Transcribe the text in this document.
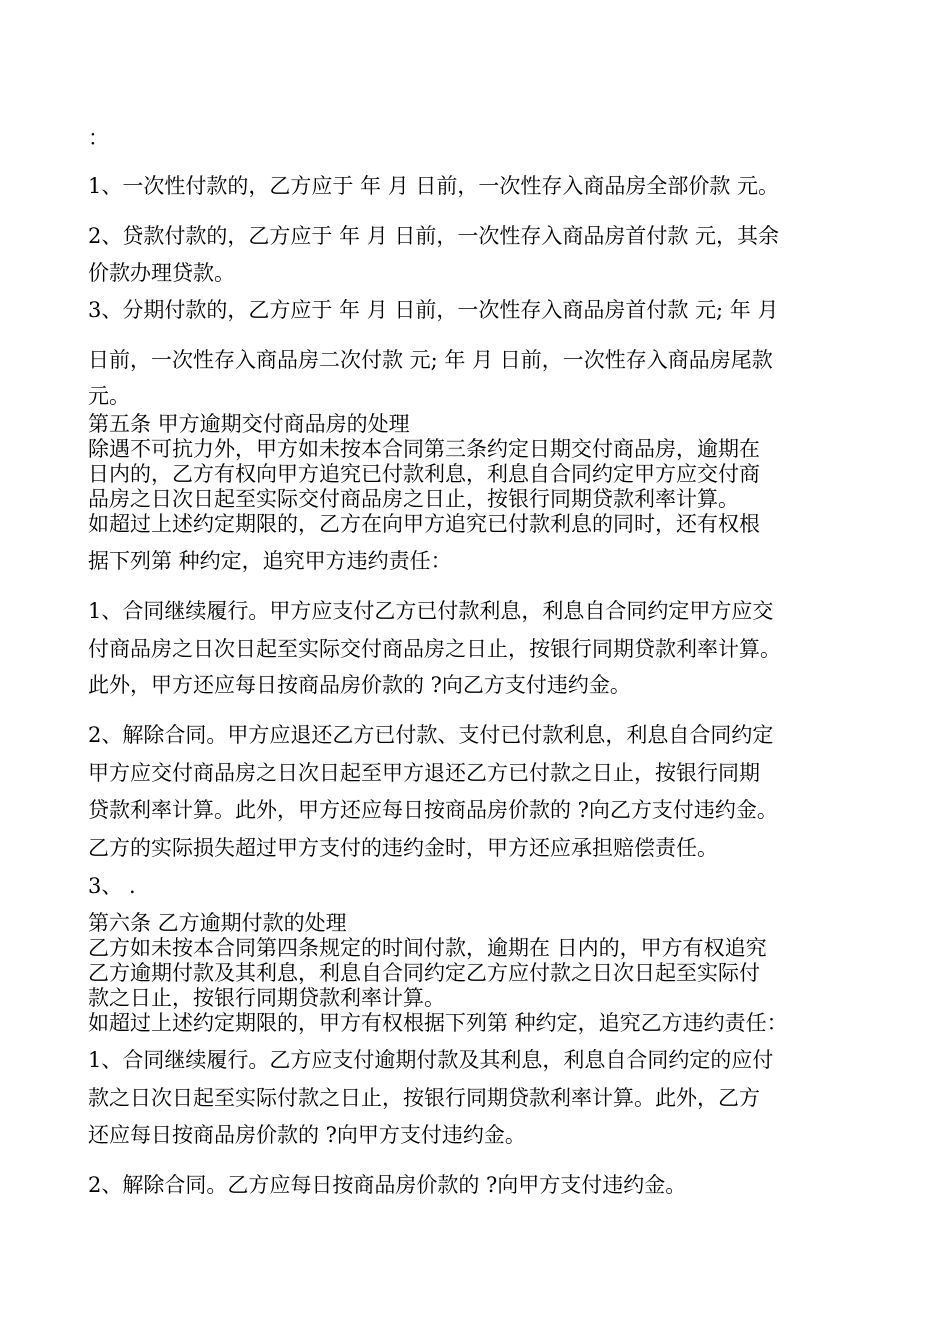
：
1、一次性付款的，乙方应于 年 月 日前，一次性存入商品房全部价款 元。
2、贷款付款的，乙方应于 年 月 日前，一次性存入商品房首付款 元，其余
价款办理贷款。
3、分期付款的，乙方应于 年 月 日前，一次性存入商品房首付款 元; 年 月
日前，一次性存入商品房二次付款 元; 年 月 日前，一次性存入商品房尾款
元。
第五条 甲方逾期交付商品房的处理
除遇不可抗力外，甲方如未按本合同第三条约定日期交付商品房，逾期在
日内的，乙方有权向甲方追究已付款利息，利息自合同约定甲方应交付商
品房之日次日起至实际交付商品房之日止，按银行同期贷款利率计算。
如超过上述约定期限的，乙方在向甲方追究已付款利息的同时，还有权根
据下列第 种约定，追究甲方违约责任：
1、合同继续履行。甲方应支付乙方已付款利息，利息自合同约定甲方应交
付商品房之日次日起至实际交付商品房之日止，按银行同期贷款利率计算。
此外，甲方还应每日按商品房价款的 ?向乙方支付违约金。
2、解除合同。甲方应退还乙方已付款、支付已付款利息，利息自合同约定
甲方应交付商品房之日次日起至甲方退还乙方已付款之日止，按银行同期
贷款利率计算。此外，甲方还应每日按商品房价款的 ?向乙方支付违约金。
乙方的实际损失超过甲方支付的违约金时，甲方还应承担赔偿责任。
3、 .
第六条 乙方逾期付款的处理
乙方如未按本合同第四条规定的时间付款，逾期在 日内的，甲方有权追究
乙方逾期付款及其利息，利息自合同约定乙方应付款之日次日起至实际付
款之日止，按银行同期贷款利率计算。
如超过上述约定期限的，甲方有权根据下列第 种约定，追究乙方违约责任：
1、合同继续履行。乙方应支付逾期付款及其利息，利息自合同约定的应付
款之日次日起至实际付款之日止，按银行同期贷款利率计算。此外，乙方
还应每日按商品房价款的 ?向甲方支付违约金。
2、解除合同。乙方应每日按商品房价款的 ?向甲方支付违约金。
